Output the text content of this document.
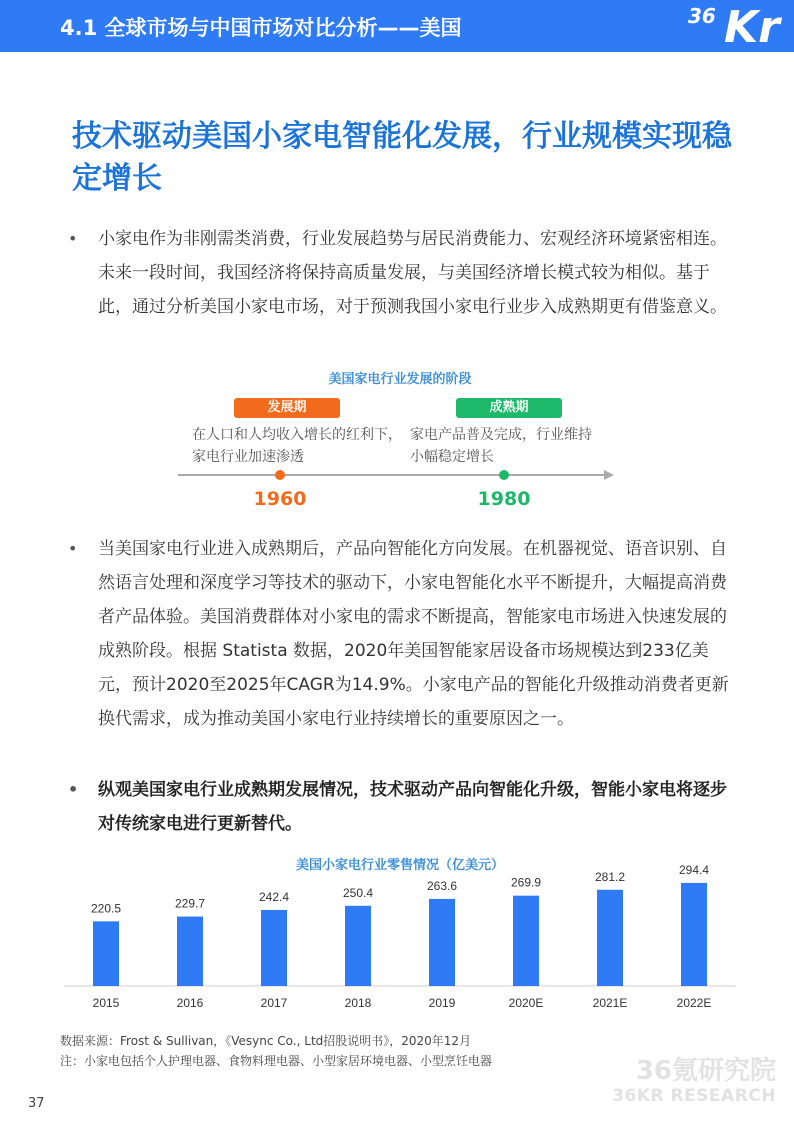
4.1 全球市场与中国市场对比分析——美国	36 Kr
技术驱动美国小家电智能化发展，行业规模实现稳定增长
• 小家电作为非刚需类消费，行业发展趋势与居民消费能力、宏观经济环境紧密相连。未来一段时间，我国经济将保持高质量发展，与美国经济增长模式较为相似。基于此，通过分析美国小家电市场，对于预测我国小家电行业步入成熟期更有借鉴意义。
美国家电行业发展的阶段
发展期
在人口和人均收入增长的红利下，家电行业加速渗透
成熟期
家电产品普及完成，行业维持小幅稳定增长
1960	1980
• 当美国家电行业进入成熟期后，产品向智能化方向发展。在机器视觉、语音识别、自然语言处理和深度学习等技术的驱动下，小家电智能化水平不断提升，大幅提高消费者产品体验。美国消费群体对小家电的需求不断提高，智能家电市场进入快速发展的成熟阶段。根据 Statista 数据，2020年美国智能家居设备市场规模达到233亿美元，预计2020至2025年CAGR为14.9%。小家电产品的智能化升级推动消费者更新换代需求，成为推动美国小家电行业持续增长的重要原因之一。
• 纵观美国家电行业成熟期发展情况，技术驱动产品向智能化升级，智能小家电将逐步对传统家电进行更新替代。
美国小家电行业零售情况（亿美元）
220.5
2015
229.7
2016
242.4
2017
250.4
2018
263.6
2019
269.9
2020E
281.2
2021E
294.4
2022E
数据来源：Frost & Sullivan，《Vesync Co., Ltd招股说明书》，2020年12月
注：小家电包括个人护理电器、食物料理电器、小型家居环境电器、小型烹饪电器
37
36氪研究院
36KR RESEARCH
